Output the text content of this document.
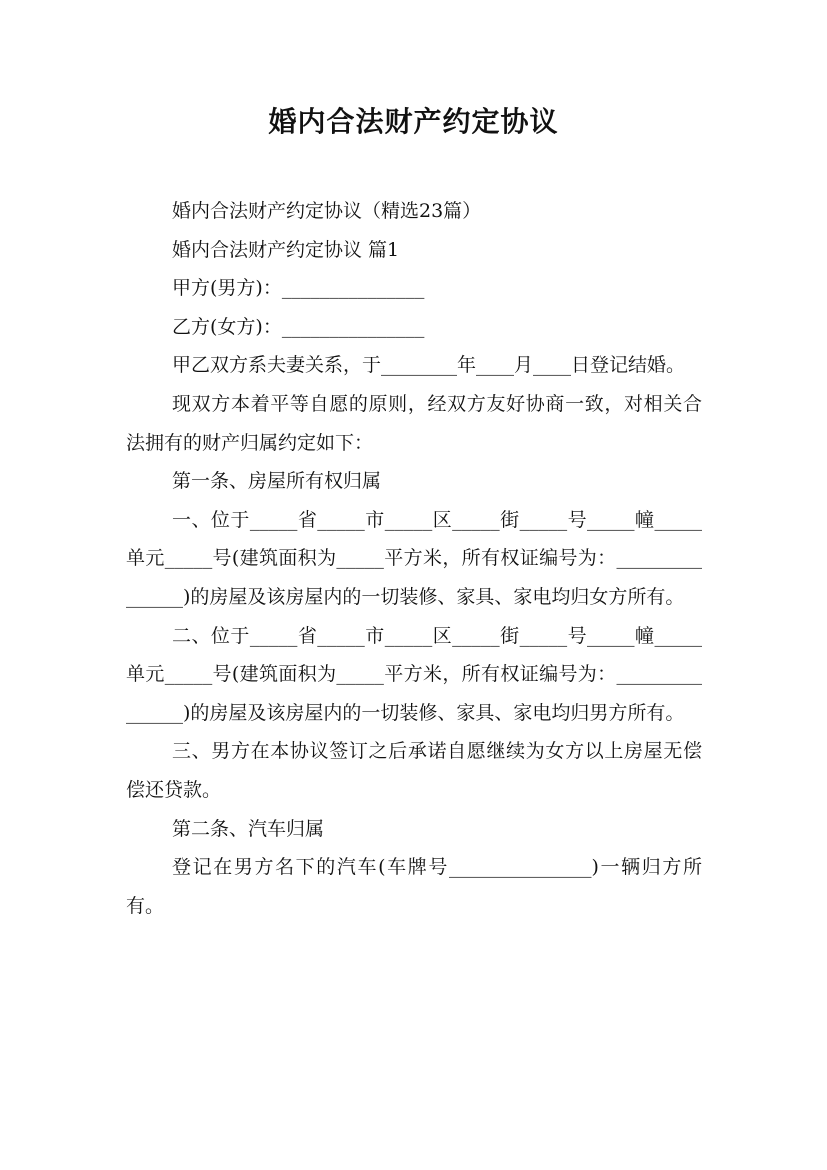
婚内合法财产约定协议

婚内合法财产约定协议（精选23篇）

婚内合法财产约定协议 篇1

甲方(男方)：_______________

乙方(女方)：_______________

甲乙双方系夫妻关系，于________年____月____日登记结婚。

现双方本着平等自愿的原则，经双方友好协商一致，对相关合法拥有的财产归属约定如下：

第一条、房屋所有权归属

一、位于_____省_____市_____区_____街_____号_____幢_____单元_____号(建筑面积为_____平方米，所有权证编号为：_______________)的房屋及该房屋内的一切装修、家具、家电均归女方所有。

二、位于_____省_____市_____区_____街_____号_____幢_____单元_____号(建筑面积为_____平方米，所有权证编号为：_______________)的房屋及该房屋内的一切装修、家具、家电均归男方所有。

三、男方在本协议签订之后承诺自愿继续为女方以上房屋无偿偿还贷款。

第二条、汽车归属

登记在男方名下的汽车(车牌号_______________)一辆归方所有。
